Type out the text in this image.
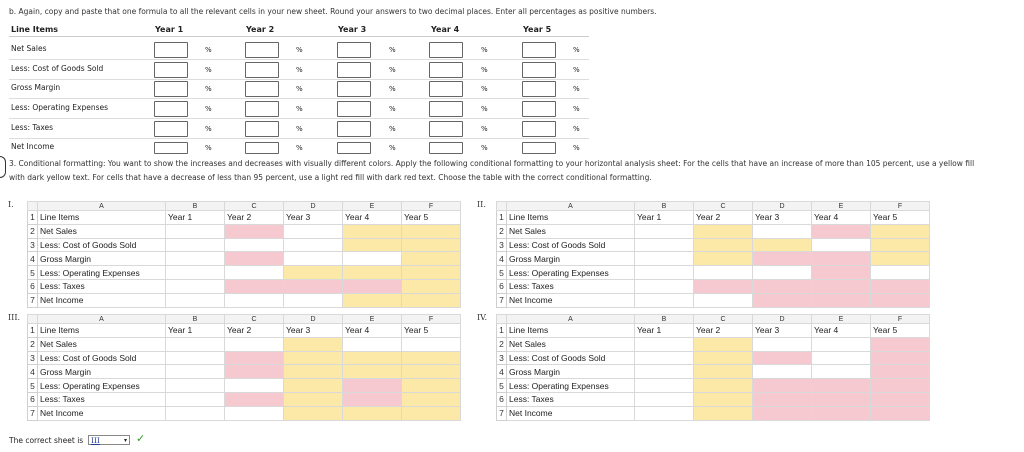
b. Again, copy and paste that one formula to all the relevant cells in your new sheet. Round your answers to two decimal places. Enter all percentages as positive numbers.
Line Items	Year 1	Year 2	Year 3	Year 4	Year 5
Net Sales	%	%	%	%	%
Less: Cost of Goods Sold	%	%	%	%	%
Gross Margin	%	%	%	%	%
Less: Operating Expenses	%	%	%	%	%
Less: Taxes	%	%	%	%	%
Net Income	%	%	%	%	%
3. Conditional formatting: You want to show the increases and decreases with visually different colors. Apply the following conditional formatting to your horizontal analysis sheet: For the cells that have an increase of more than 105 percent, use a yellow fill
with dark yellow text. For cells that have a decrease of less than 95 percent, use a light red fill with dark red text. Choose the table with the correct conditional formatting.
I.
		A	B	C	D	E	F
1	Line Items	Year 1	Year 2	Year 3	Year 4	Year 5
2	Net Sales					
3	Less: Cost of Goods Sold					
4	Gross Margin					
5	Less: Operating Expenses					
6	Less: Taxes					
7	Net Income					
II.
		A	B	C	D	E	F
1	Line Items	Year 1	Year 2	Year 3	Year 4	Year 5
2	Net Sales					
3	Less: Cost of Goods Sold					
4	Gross Margin					
5	Less: Operating Expenses					
6	Less: Taxes					
7	Net Income					
III.
		A	B	C	D	E	F
1	Line Items	Year 1	Year 2	Year 3	Year 4	Year 5
2	Net Sales					
3	Less: Cost of Goods Sold					
4	Gross Margin					
5	Less: Operating Expenses					
6	Less: Taxes					
7	Net Income					
IV.
		A	B	C	D	E	F
1	Line Items	Year 1	Year 2	Year 3	Year 4	Year 5
2	Net Sales					
3	Less: Cost of Goods Sold					
4	Gross Margin					
5	Less: Operating Expenses					
6	Less: Taxes					
7	Net Income					
The correct sheet is	III	▾ ✓
